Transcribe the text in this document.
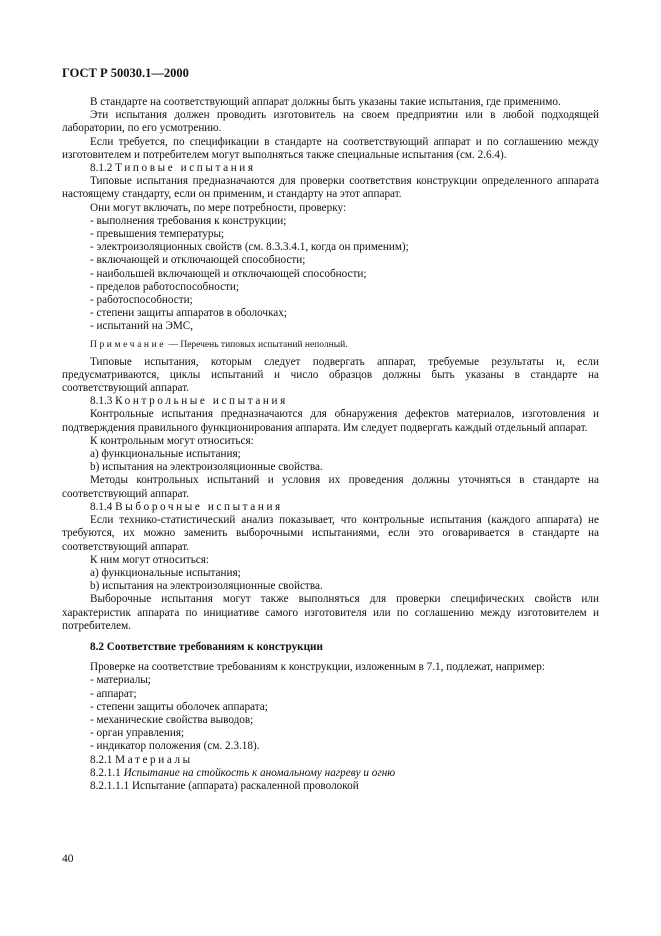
ГОСТ Р 50030.1—2000

В стандарте на соответствующий аппарат должны быть указаны такие испытания, где применимо.

Эти испытания должен проводить изготовитель на своем предприятии или в любой подходящей лаборатории, по его усмотрению.

Если требуется, по спецификации в стандарте на соответствующий аппарат и по соглашению между изготовителем и потребителем могут выполняться также специальные испытания (см. 2.6.4).

8.1.2 Типовые испытания

Типовые испытания предназначаются для проверки соответствия конструкции определенного аппарата настоящему стандарту, если он применим, и стандарту на этот аппарат.

Они могут включать, по мере потребности, проверку:

- выполнения требования к конструкции;
- превышения температуры;
- электроизоляционных свойств (см. 8.3.3.4.1, когда он применим);
- включающей и отключающей способности;
- наибольшей включающей и отключающей способности;
- пределов работоспособности;
- работоспособности;
- степени защиты аппаратов в оболочках;
- испытаний на ЭМС,
Примечание — Перечень типовых испытаний неполный.

Типовые испытания, которым следует подвергать аппарат, требуемые результаты и, если предусматриваются, циклы испытаний и число образцов должны быть указаны в стандарте на соответствующий аппарат.

8.1.3 Контрольные испытания

Контрольные испытания предназначаются для обнаружения дефектов материалов, изготовления и подтверждения правильного функционирования аппарата. Им следует подвергать каждый отдельный аппарат.

К контрольным могут относиться:

а) функциональные испытания;
b) испытания на электроизоляционные свойства.

Методы контрольных испытаний и условия их проведения должны уточняться в стандарте на соответствующий аппарат.

8.1.4 Выборочные испытания

Если технико-статистический анализ показывает, что контрольные испытания (каждого аппарата) не требуются, их можно заменить выборочными испытаниями, если это оговаривается в стандарте на соответствующий аппарат.

К ним могут относиться:

а) функциональные испытания;
b) испытания на электроизоляционные свойства.

Выборочные испытания могут также выполняться для проверки специфических свойств или характеристик аппарата по инициативе самого изготовителя или по соглашению между изготовителем и потребителем.

8.2 Соответствие требованиям к конструкции

Проверке на соответствие требованиям к конструкции, изложенным в 7.1, подлежат, например:

- материалы;
- аппарат;
- степени защиты оболочек аппарата;
- механические свойства выводов;
- орган управления;
- индикатор положения (см. 2.3.18).

8.2.1 Материалы

8.2.1.1 Испытание на стойкость к аномальному нагреву и огню

8.2.1.1.1 Испытание (аппарата) раскаленной проволокой

40
